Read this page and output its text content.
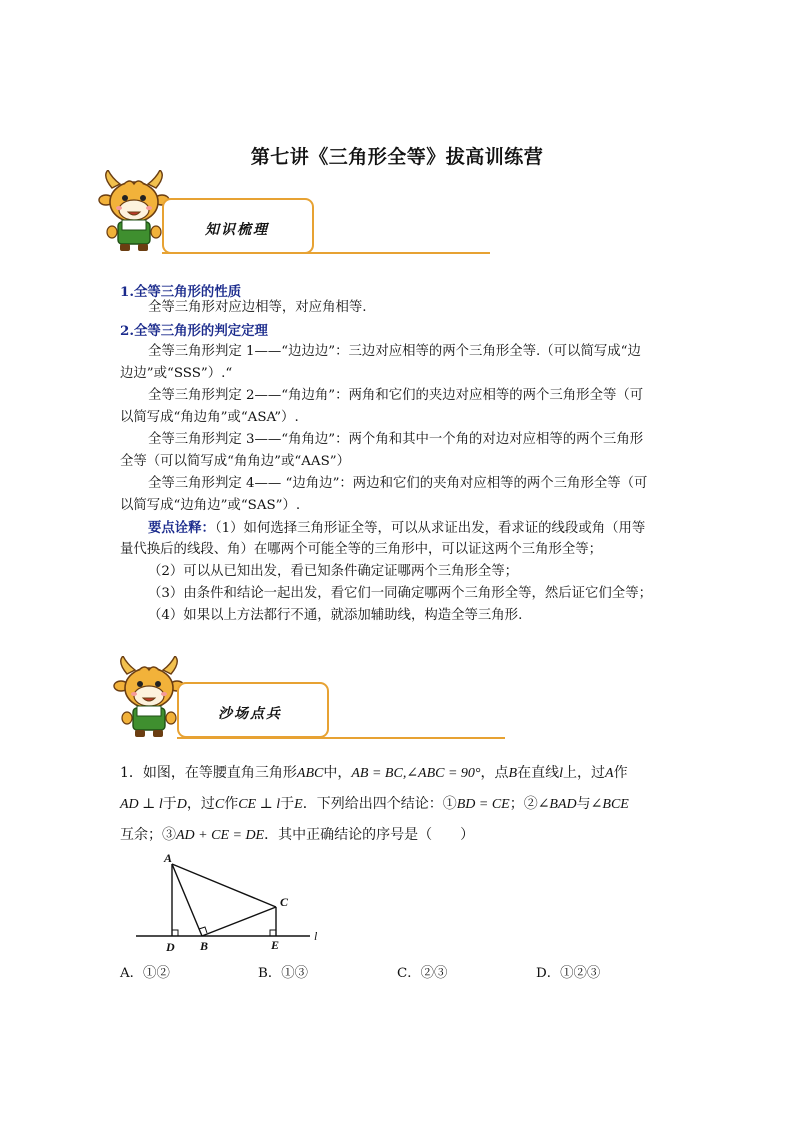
第七讲《三角形全等》拔高训练营
知识梳理
1.全等三角形的性质
全等三角形对应边相等，对应角相等.
2.全等三角形的判定定理
全等三角形判定 1——“边边边”：三边对应相等的两个三角形全等.（可以简写成“边
边边”或“SSS”）.“
全等三角形判定 2——“角边角”：两角和它们的夹边对应相等的两个三角形全等（可
以简写成“角边角”或“ASA”）.
全等三角形判定 3——“角角边”：两个角和其中一个角的对边对应相等的两个三角形
全等（可以简写成“角角边”或“AAS”）
全等三角形判定 4—— “边角边”：两边和它们的夹角对应相等的两个三角形全等（可
以简写成“边角边”或“SAS”）.
要点诠释：（1）如何选择三角形证全等，可以从求证出发，看求证的线段或角（用等
量代换后的线段、角）在哪两个可能全等的三角形中，可以证这两个三角形全等；
（2）可以从已知出发，看已知条件确定证哪两个三角形全等；
（3）由条件和结论一起出发，看它们一同确定哪两个三角形全等，然后证它们全等；
（4）如果以上方法都行不通，就添加辅助线，构造全等三角形.
沙场点兵
1．如图，在等腰直角三角形ABC中，AB = BC,∠ABC = 90°，点B在直线l上，过A作
AD ⊥ l于D，过C作CE ⊥ l于E．下列给出四个结论：①BD = CE；②∠BAD与∠BCE
互余；③AD + CE = DE．其中正确结论的序号是（　　）
A
C
D B	E
l
A．①②	B．①③	C．②③	D．①②③
